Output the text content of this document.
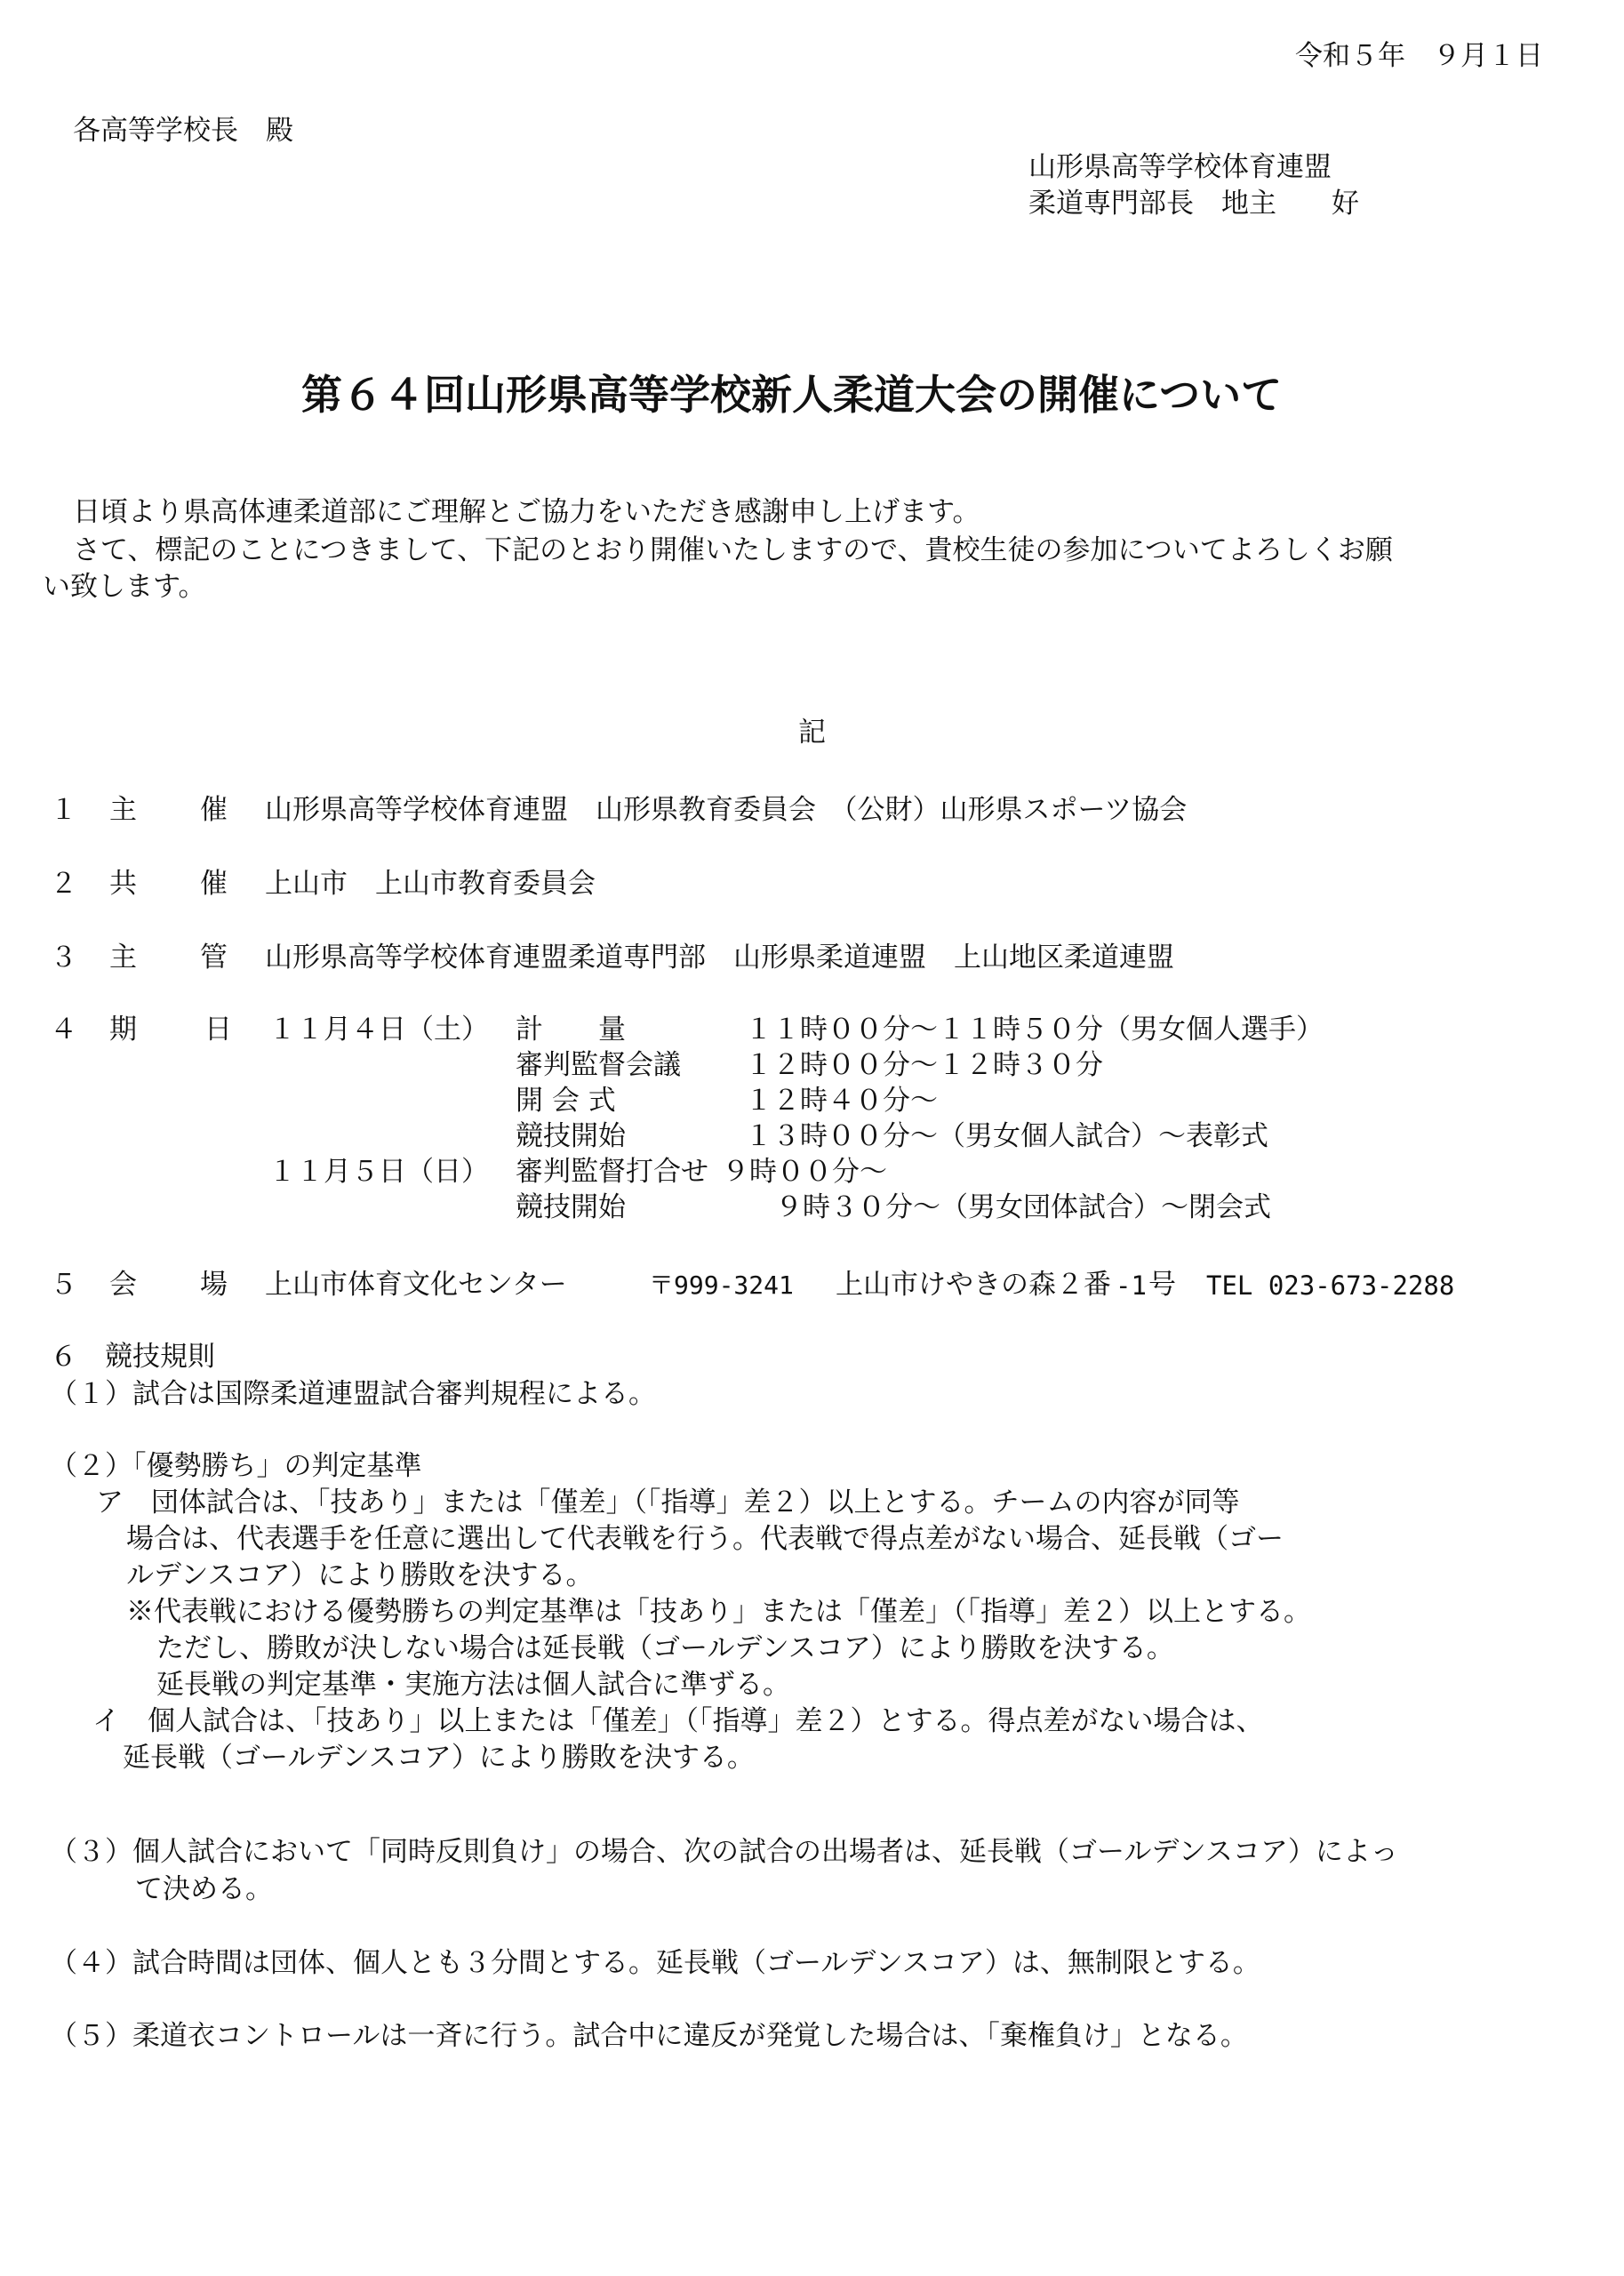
令和５年　９月１日
各高等学校長　殿
山形県高等学校体育連盟
柔道専門部長　地主　　好
第６４回山形県高等学校新人柔道大会の開催について
日頃より県高体連柔道部にご理解とご協力をいただき感謝申し上げます。
さて、標記のことにつきまして、下記のとおり開催いたしますので、貴校生徒の参加についてよろしくお願
い致します。
記
１ 主 催 山形県高等学校体育連盟　山形県教育委員会　（公財）山形県スポーツ協会
２ 共 催 上山市　上山市教育委員会
３ 主 管 山形県高等学校体育連盟柔道専門部　山形県柔道連盟　上山地区柔道連盟
４ 期 日 １１月４日（土） 計　　量	１１時００分～１１時５０分（男女個人選手）
審判監督会議 １２時００分～１２時３０分
開 会 式	１２時４０分～
競技開始	１３時００分～（男女個人試合）～表彰式
１１月５日（日） 審判監督打合せ ９時００分～
競技開始	９時３０分～（男女団体試合）～閉会式
５ 会 場 上山市体育文化センター	〒999-3241 上山市けやきの森２番 -1 号 TEL 023-673-2288
６ 競技規則
（１）試合は国際柔道連盟試合審判規程による。
（２）「優勢勝ち」の判定基準
ア　団体試合は、「技あり」または「僅差」（「指導」差２）以上とする。チームの内容が同等
場合は、代表選手を任意に選出して代表戦を行う。代表戦で得点差がない場合、延長戦（ゴー
ルデンスコア）により勝敗を決する。
※代表戦における優勢勝ちの判定基準は「技あり」または「僅差」（「指導」差２）以上とする。
ただし、勝敗が決しない場合は延長戦（ゴールデンスコア）により勝敗を決する。
延長戦の判定基準・実施方法は個人試合に準ずる。
イ　個人試合は、「技あり」以上または「僅差」（「指導」差２）とする。得点差がない場合は、
延長戦（ゴールデンスコア）により勝敗を決する。
（３）個人試合において「同時反則負け」の場合、次の試合の出場者は、延長戦（ゴールデンスコア）によっ
て決める。
（４）試合時間は団体、個人とも３分間とする。延長戦（ゴールデンスコア）は、無制限とする。
（５）柔道衣コントロールは一斉に行う。試合中に違反が発覚した場合は、「棄権負け」となる。
